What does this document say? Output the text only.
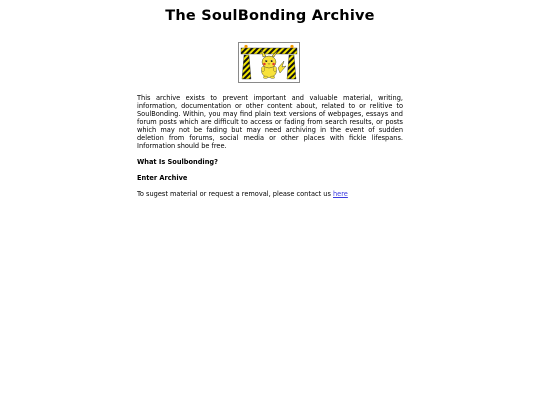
The SoulBonding Archive

This archive exists to prevent important and valuable material, writing, information, documentation or other content about, related to or relitive to SoulBonding. Within, you may find plain text versions of webpages, essays and forum posts which are difficult to access or fading from search results, or posts which may not be fading but may need archiving in the event of sudden deletion from forums, social media or other places with fickle lifespans. Information should be free.

What Is Soulbonding?

Enter Archive

To sugest material or request a removal, please contact us here
